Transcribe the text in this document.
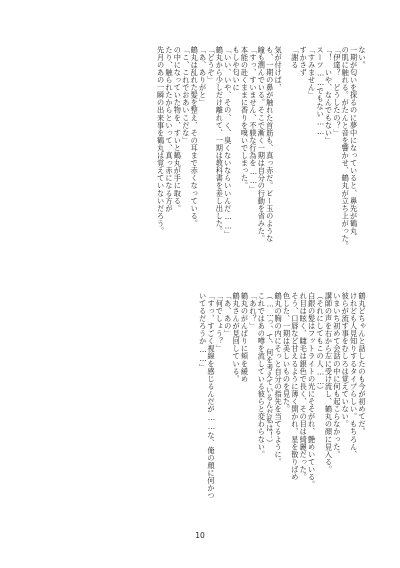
ない。
一期が匂いを探るのに夢中になっていると、鼻先が鶴丸
の肌に触れる。がたんと音を響かせ、鶴丸が立ち上がった。
「伊達？　どうしたの？」
「！　いや、なんでもない」
スーツ……でもない……
「すみません」
すかさず
「謝る
気が付けば、
も、一期の鼻が触れた首筋も、真っ赤だ。ビー玉のような
瞳も潤んでいる。そこで漸く一期は自分の行動を省みた。
「すっ、すいません、不躾な行為を……」
本能の赴くままに香りを嗅いでしまった。
もしや匂いに
「いい、いや、その、く、臭くないならいいんだ……」
鶴丸から少しだけ離れて、一期は教科書を差し出した。
「どうぞ」
「あ、ありがと」
鶴丸は乱れた髪を整え、その耳まで赤くなっている。
「こ、これでおあいこだな」
の中になっていた物を、すいと鶴丸が手に取る。
たり、触られたからといって、真っ赤になる方が
先月のあの一瞬の出来事を鶴丸は覚えていないだろう。
鶴丸どちゃんと話したのも今が初めてだ。
けれども人見知りするタイプらしい。もちろん、
彼らが流す事をむしろは覚えていない。
いまいち初めて会話の中に何も起こらなかった。
講師の声を右から左に受け流し、鶴丸の顔に見入る。
（それにしてもこの人……）
白銀の髪はフットライトの光にそそがれ、艶めいている。
れ目は眩く、睫毛は銀色で長く、その目は綺麗だった。
そう、口唇など甘えるように薄く開かれ、星を散りばめ
色した、一期は美しいものを見た。
鶴丸の胸の内にそっと自分の指先を当てるように。
（……っ、て、何を考えているんだ私は！）
これではあの噂を流している彼らと変わらない。
「あれ？」
鶴丸のがんばりに頬を緩め
鶴丸さんが見回している。
「あ、あの」
「何でしょう？」
「すっ、すごく視線を感じるんだが……な、俺の顔に何かつ
いてるだろうか……」
10
